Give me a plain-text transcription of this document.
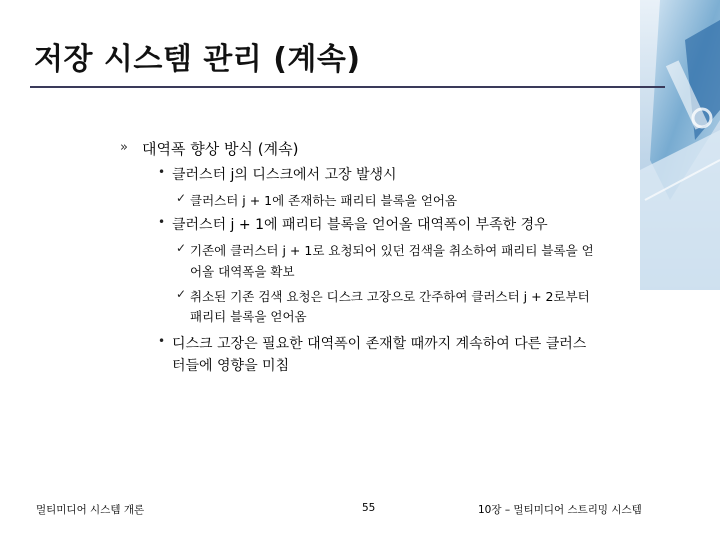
저장 시스템 관리 (계속)
» 대역폭 향상 방식 (계속)
• 클러스터 j의 디스크에서 고장 발생시
✓ 클러스터 j + 1에 존재하는 패리티 블록을 얻어옴
• 클러스터 j + 1에 패리티 블록을 얻어올 대역폭이 부족한 경우
✓ 기존에 클러스터 j + 1로 요청되어 있던 검색을 취소하여 패리티 블록을 얻
어올 대역폭을 확보
✓ 취소된 기존 검색 요청은 디스크 고장으로 간주하여 클러스터 j + 2로부터
패리티 블록을 얻어옴
• 디스크 고장은 필요한 대역폭이 존재할 때까지 계속하여 다른 클러스
터들에 영향을 미침
멀티미디어 시스템 개론	55	10장 – 멀티미디어 스트리밍 시스템
